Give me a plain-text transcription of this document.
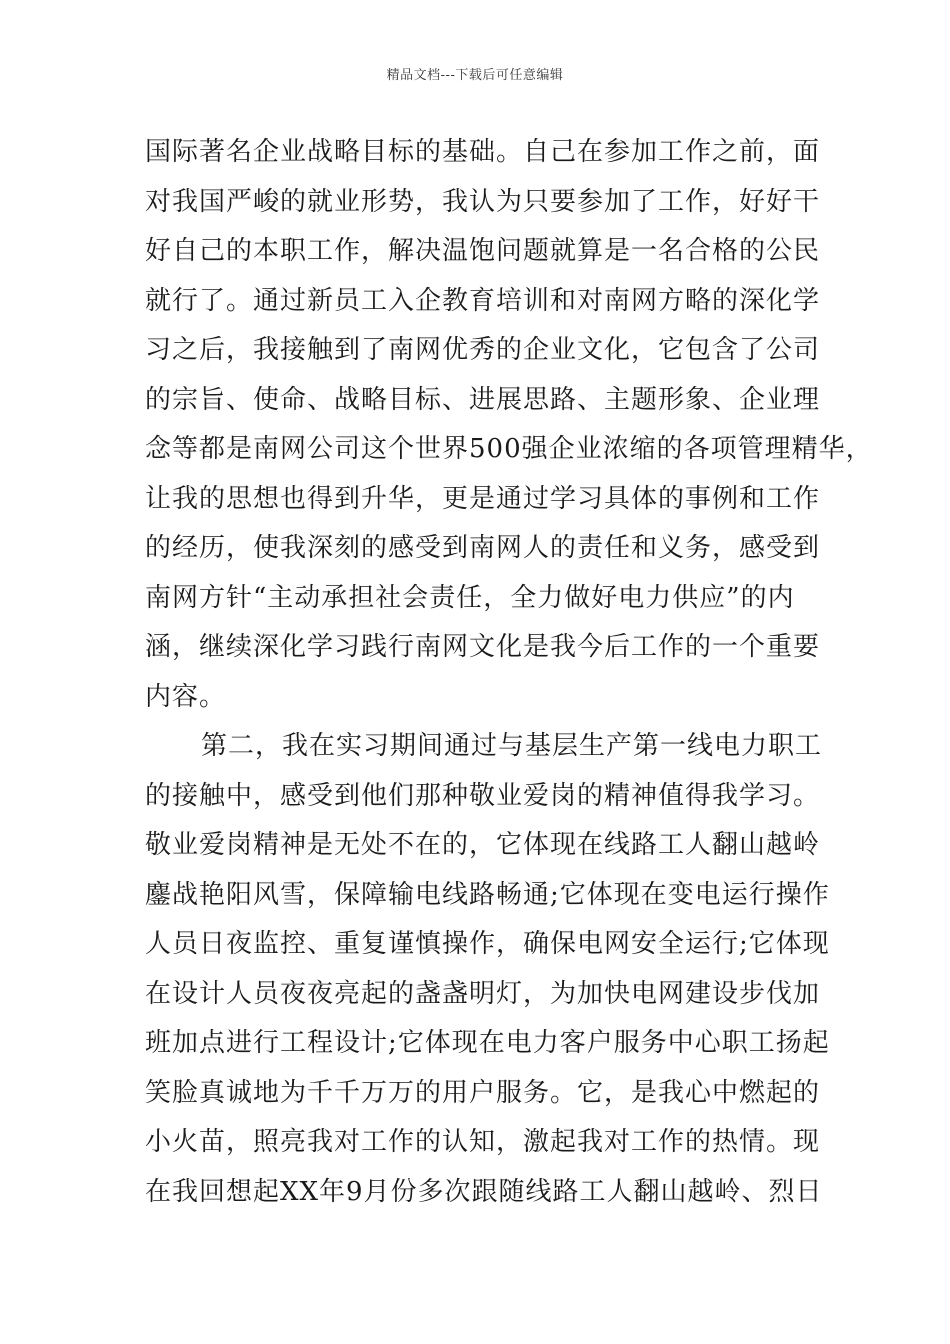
精品文档---下载后可任意编辑
国际著名企业战略目标的基础。自己在参加工作之前，面
对我国严峻的就业形势，我认为只要参加了工作，好好干
好自己的本职工作，解决温饱问题就算是一名合格的公民
就行了。通过新员工入企教育培训和对南网方略的深化学
习之后，我接触到了南网优秀的企业文化，它包含了公司
的宗旨、使命、战略目标、进展思路、主题形象、企业理
念等都是南网公司这个世界500强企业浓缩的各项管理精华，
让我的思想也得到升华，更是通过学习具体的事例和工作
的经历，使我深刻的感受到南网人的责任和义务，感受到
南网方针“主动承担社会责任，全力做好电力供应”的内
涵，继续深化学习践行南网文化是我今后工作的一个重要
内容。
第二，我在实习期间通过与基层生产第一线电力职工
的接触中，感受到他们那种敬业爱岗的精神值得我学习。
敬业爱岗精神是无处不在的，它体现在线路工人翻山越岭
鏖战艳阳风雪，保障输电线路畅通;它体现在变电运行操作
人员日夜监控、重复谨慎操作，确保电网安全运行;它体现
在设计人员夜夜亮起的盏盏明灯，为加快电网建设步伐加
班加点进行工程设计;它体现在电力客户服务中心职工扬起
笑脸真诚地为千千万万的用户服务。它，是我心中燃起的
小火苗，照亮我对工作的认知，激起我对工作的热情。现
在我回想起XX年9月份多次跟随线路工人翻山越岭、烈日
